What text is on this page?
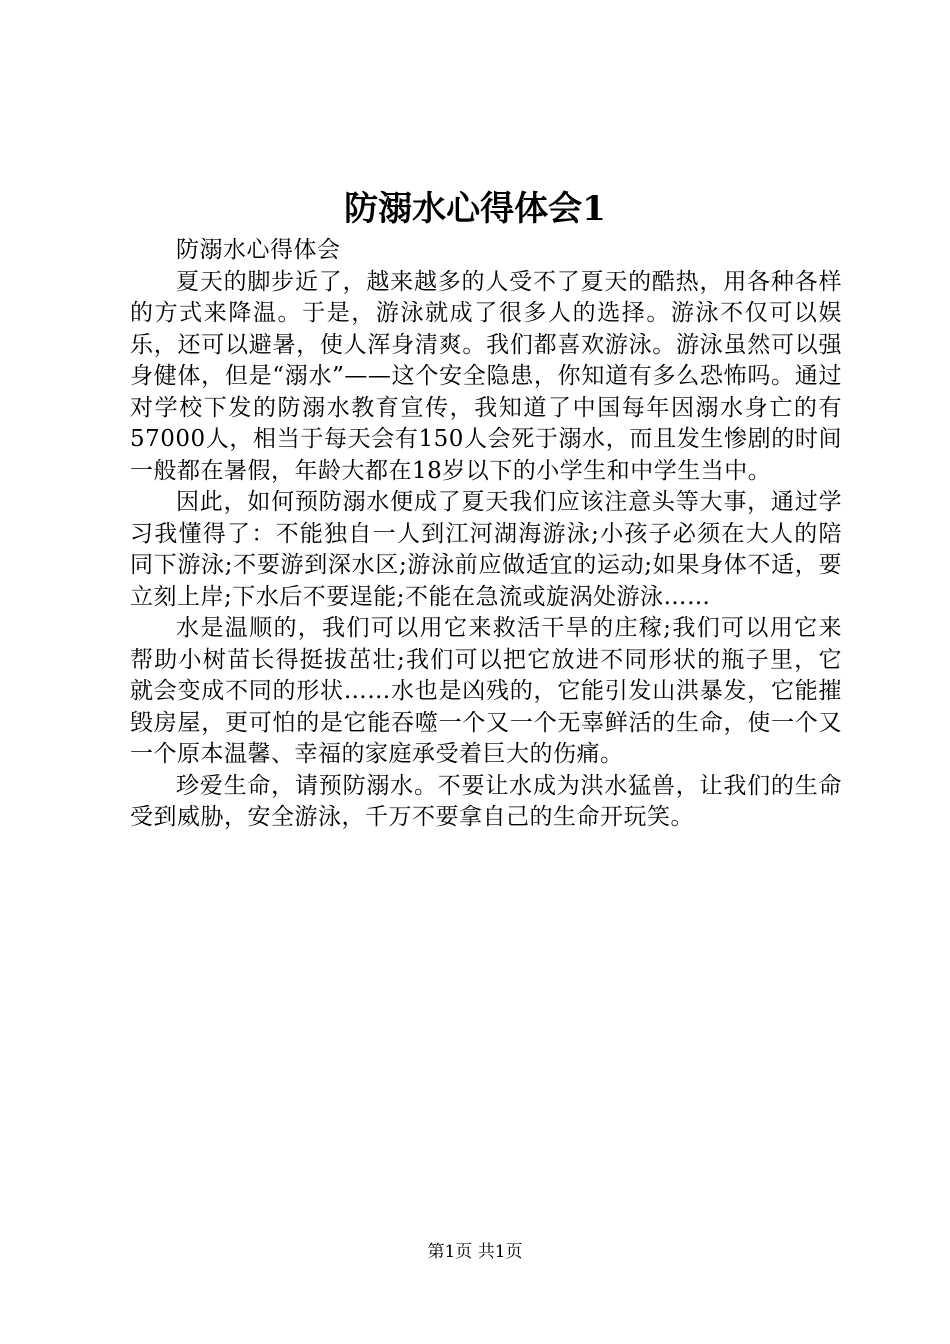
防溺水心得体会1

防溺水心得体会

夏天的脚步近了，越来越多的人受不了夏天的酷热，用各种各样的方式来降温。于是，游泳就成了很多人的选择。游泳不仅可以娱乐，还可以避暑，使人浑身清爽。我们都喜欢游泳。游泳虽然可以强身健体，但是“溺水”——这个安全隐患，你知道有多么恐怖吗。通过对学校下发的防溺水教育宣传，我知道了中国每年因溺水身亡的有57000人，相当于每天会有150人会死于溺水，而且发生惨剧的时间一般都在暑假，年龄大都在18岁以下的小学生和中学生当中。

因此，如何预防溺水便成了夏天我们应该注意头等大事，通过学习我懂得了：不能独自一人到江河湖海游泳;小孩子必须在大人的陪同下游泳;不要游到深水区;游泳前应做适宜的运动;如果身体不适，要立刻上岸;下水后不要逞能;不能在急流或旋涡处游泳……

水是温顺的，我们可以用它来救活干旱的庄稼;我们可以用它来帮助小树苗长得挺拔茁壮;我们可以把它放进不同形状的瓶子里，它就会变成不同的形状……水也是凶残的，它能引发山洪暴发，它能摧毁房屋，更可怕的是它能吞噬一个又一个无辜鲜活的生命，使一个又一个原本温馨、幸福的家庭承受着巨大的伤痛。

珍爱生命，请预防溺水。不要让水成为洪水猛兽，让我们的生命受到威胁，安全游泳，千万不要拿自己的生命开玩笑。

第1页 共1页
